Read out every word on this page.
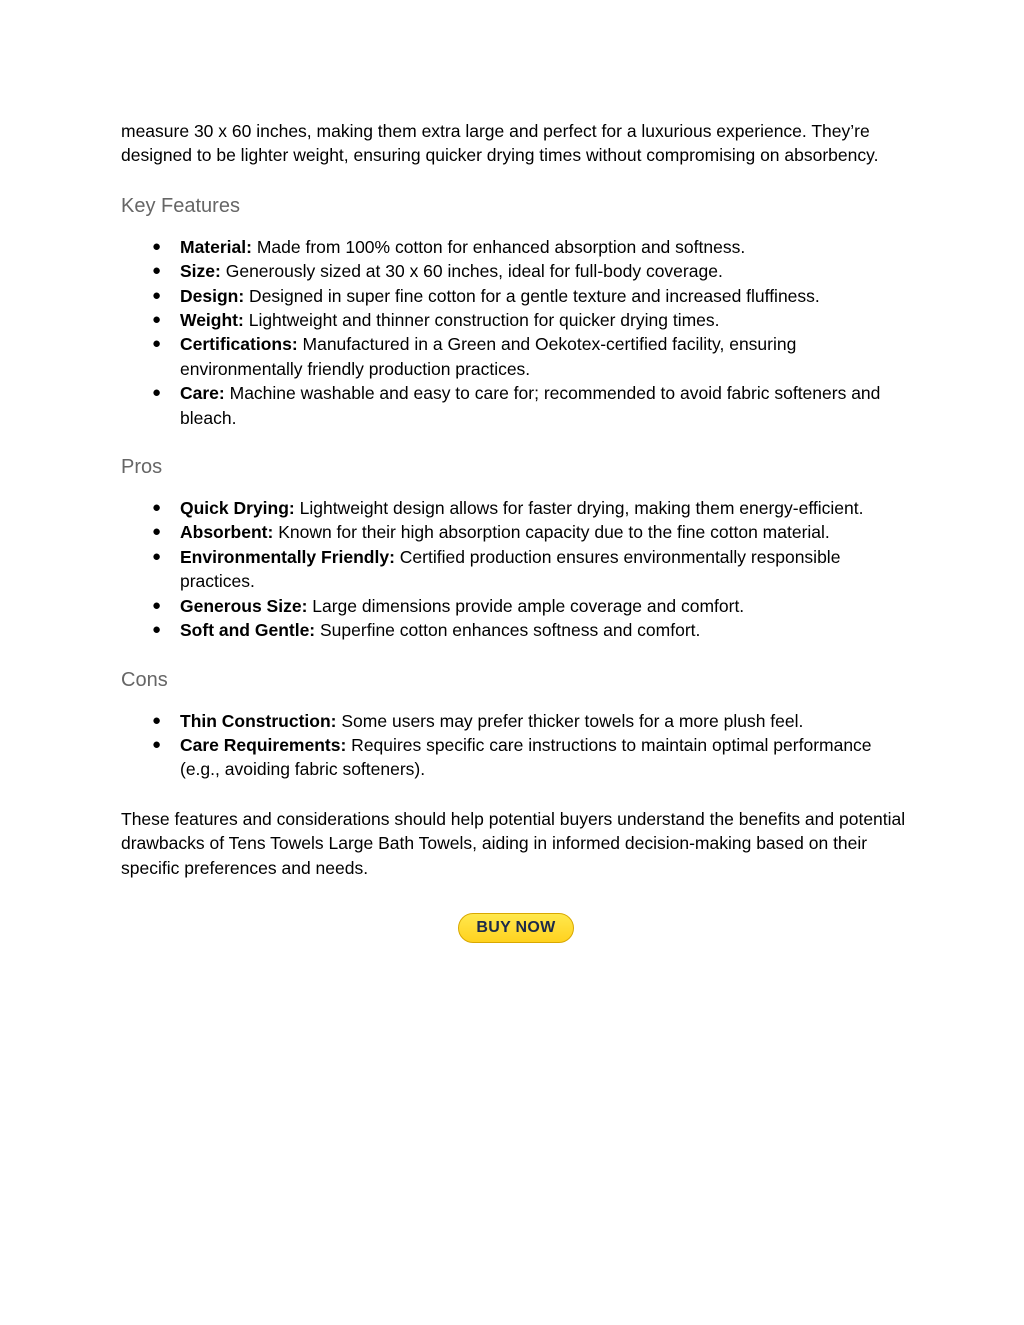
measure 30 x 60 inches, making them extra large and perfect for a luxurious experience. They’re designed to be lighter weight, ensuring quicker drying times without compromising on absorbency.

Key Features
● Material: Made from 100% cotton for enhanced absorption and softness.
● Size: Generously sized at 30 x 60 inches, ideal for full-body coverage.
● Design: Designed in super fine cotton for a gentle texture and increased fluffiness.
● Weight: Lightweight and thinner construction for quicker drying times.
● Certifications: Manufactured in a Green and Oekotex-certified facility, ensuring environmentally friendly production practices.
● Care: Machine washable and easy to care for; recommended to avoid fabric softeners and bleach.
Pros
● Quick Drying: Lightweight design allows for faster drying, making them energy-efficient.
● Absorbent: Known for their high absorption capacity due to the fine cotton material.
● Environmentally Friendly: Certified production ensures environmentally responsible practices.
● Generous Size: Large dimensions provide ample coverage and comfort.
● Soft and Gentle: Superfine cotton enhances softness and comfort.
Cons
● Thin Construction: Some users may prefer thicker towels for a more plush feel.
● Care Requirements: Requires specific care instructions to maintain optimal performance (e.g., avoiding fabric softeners).

These features and considerations should help potential buyers understand the benefits and potential drawbacks of Tens Towels Large Bath Towels, aiding in informed decision-making based on their specific preferences and needs.

BUY NOW
